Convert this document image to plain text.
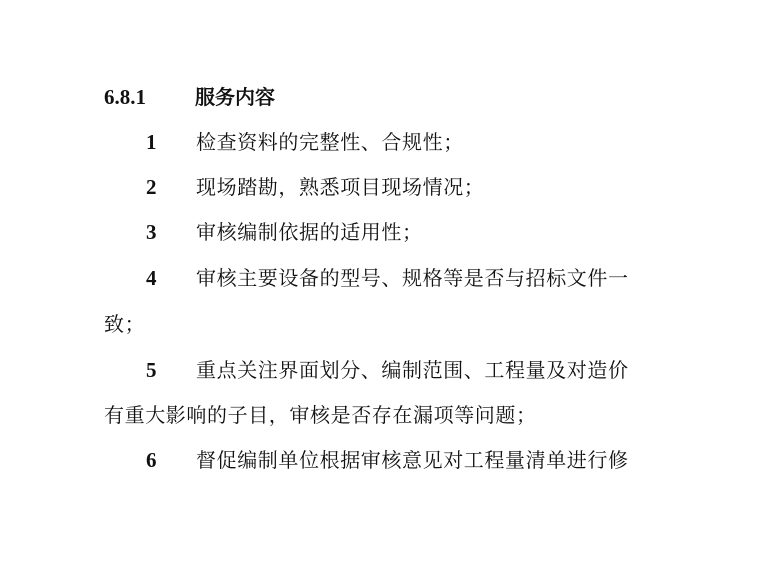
6.8.1 服务内容
1 检查资料的完整性、合规性；
2 现场踏勘，熟悉项目现场情况；
3 审核编制依据的适用性；
4 审核主要设备的型号、规格等是否与招标文件一
致；
5 重点关注界面划分、编制范围、工程量及对造价
有重大影响的子目，审核是否存在漏项等问题；
6 督促编制单位根据审核意见对工程量清单进行修
